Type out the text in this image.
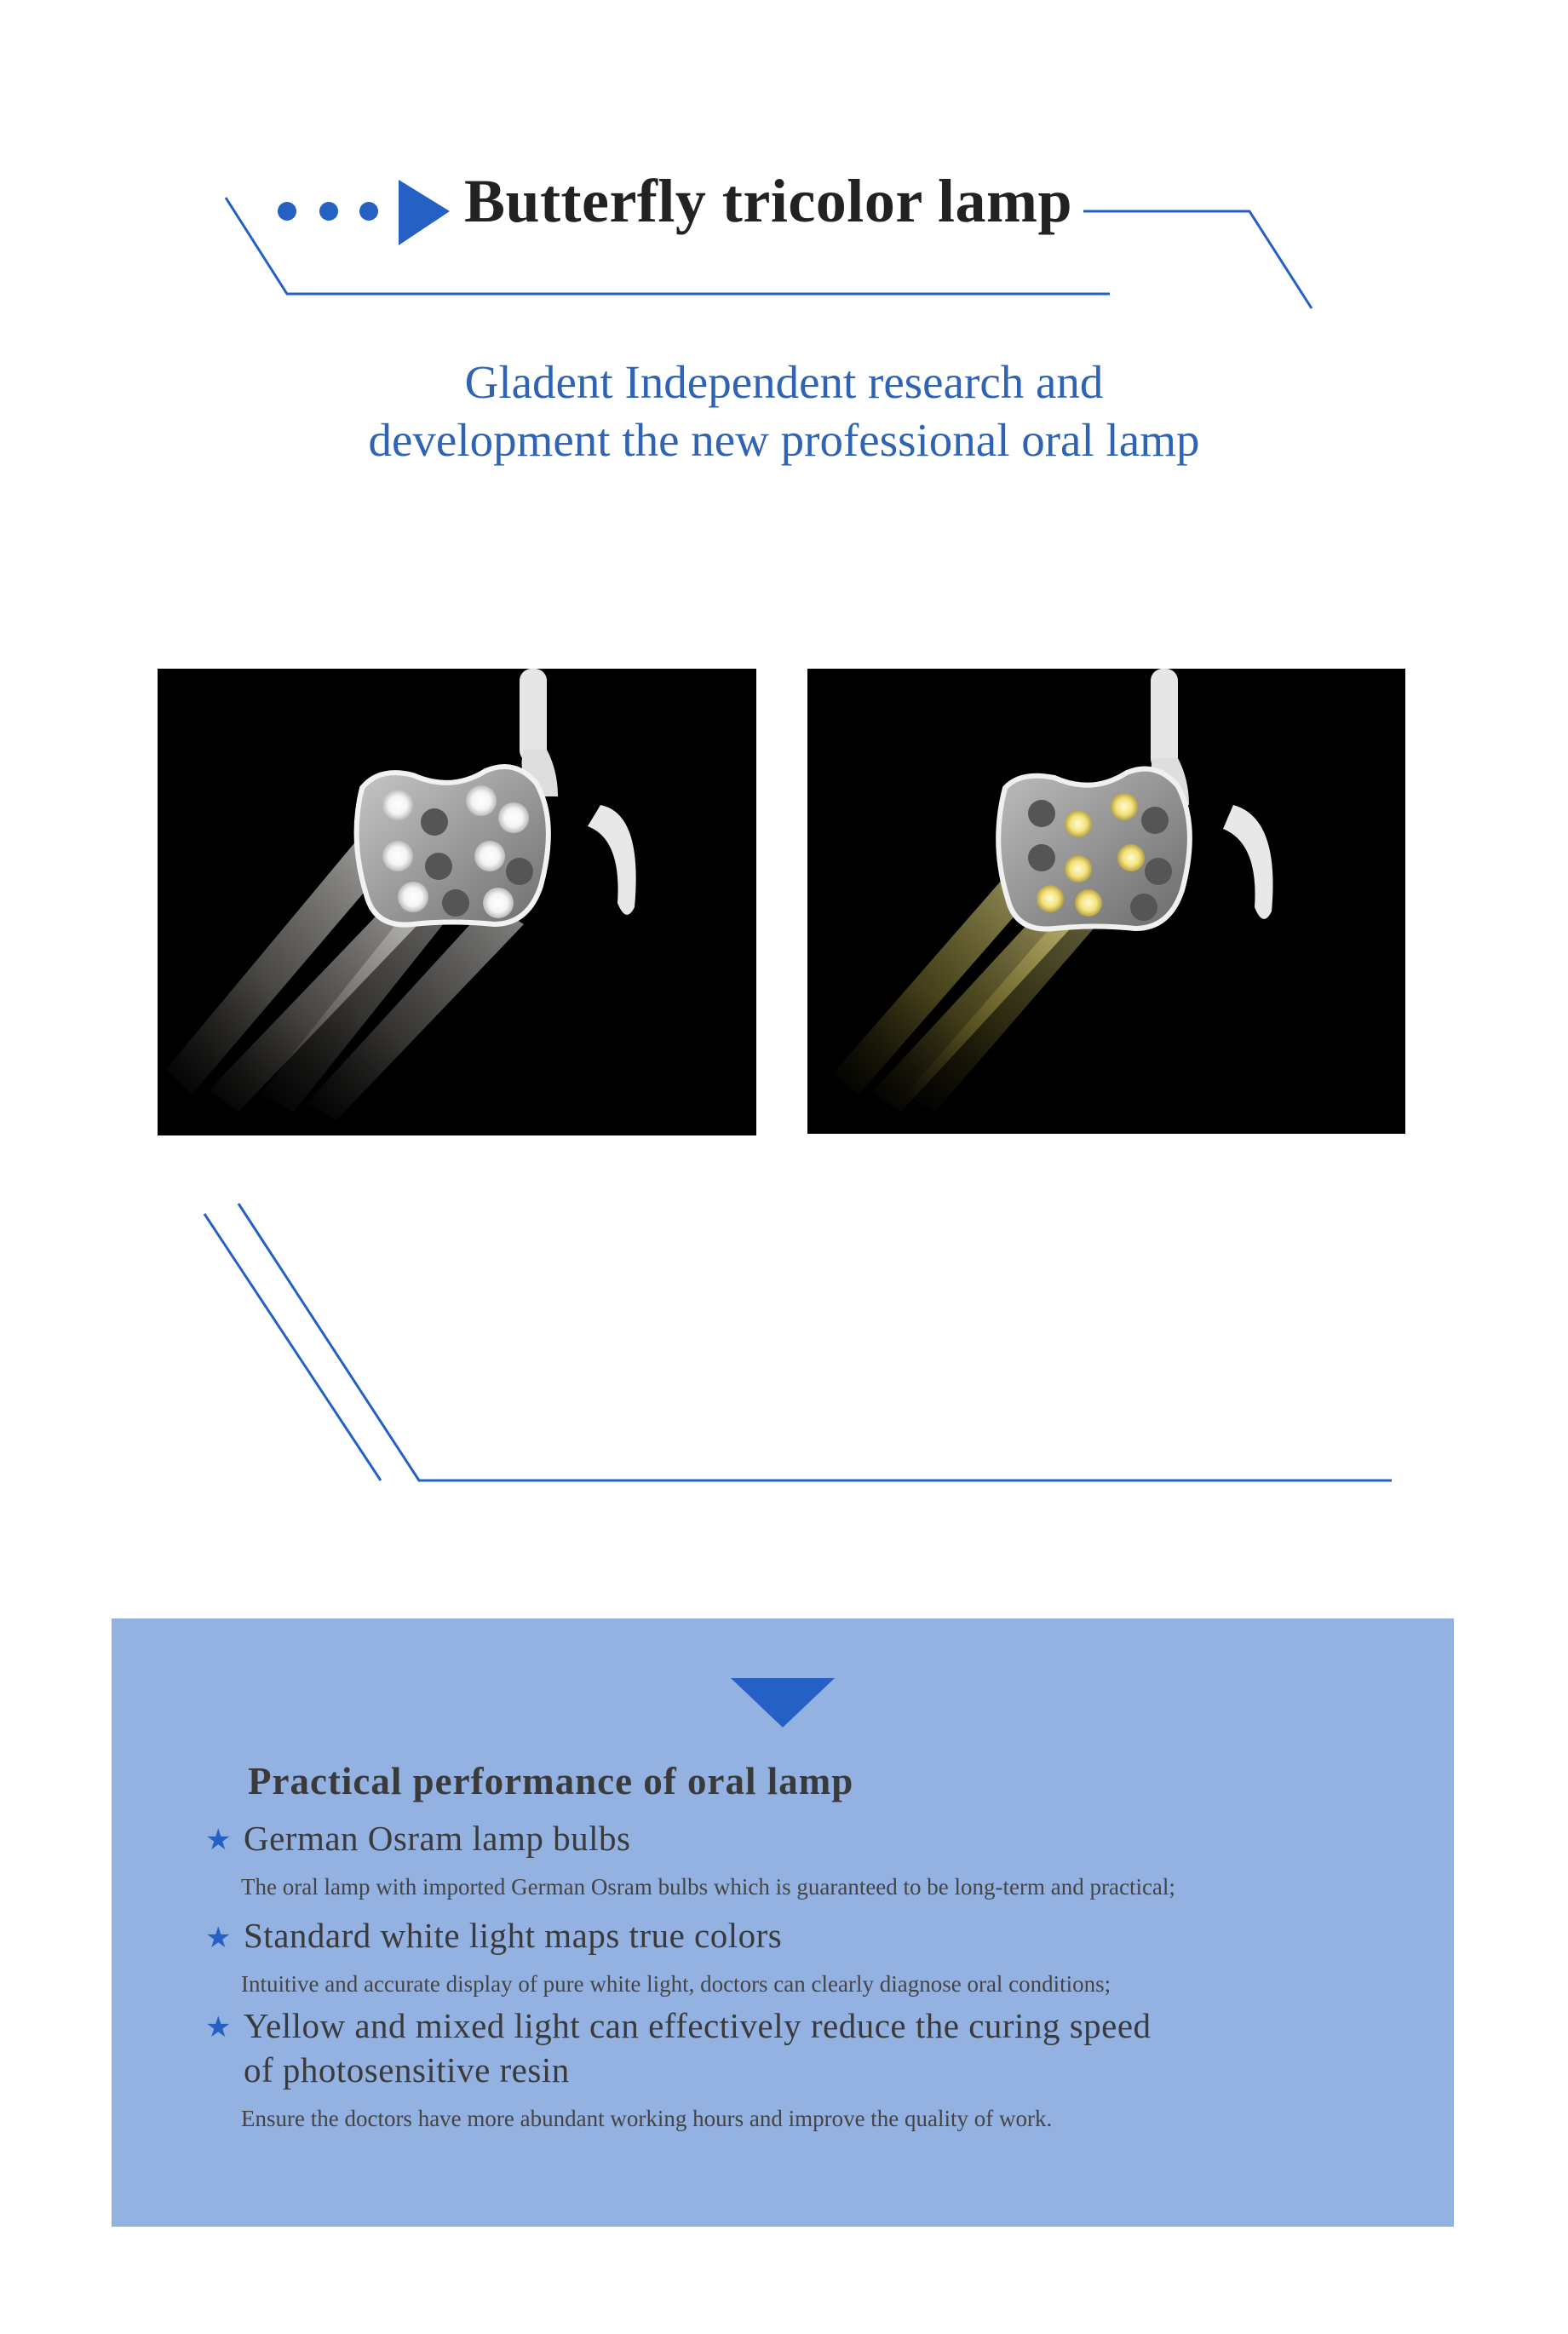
Butterfly tricolor lamp
Gladent Independent research and
development the new professional oral lamp
Practical performance of oral lamp
★ German Osram lamp bulbs
The oral lamp with imported German Osram bulbs which is guaranteed to be long-term and practical;
★ Standard white light maps true colors
Intuitive and accurate display of pure white light, doctors can clearly diagnose oral conditions;
★ Yellow and mixed light can effectively reduce the curing speed
of photosensitive resin
Ensure the doctors have more abundant working hours and improve the quality of work.
